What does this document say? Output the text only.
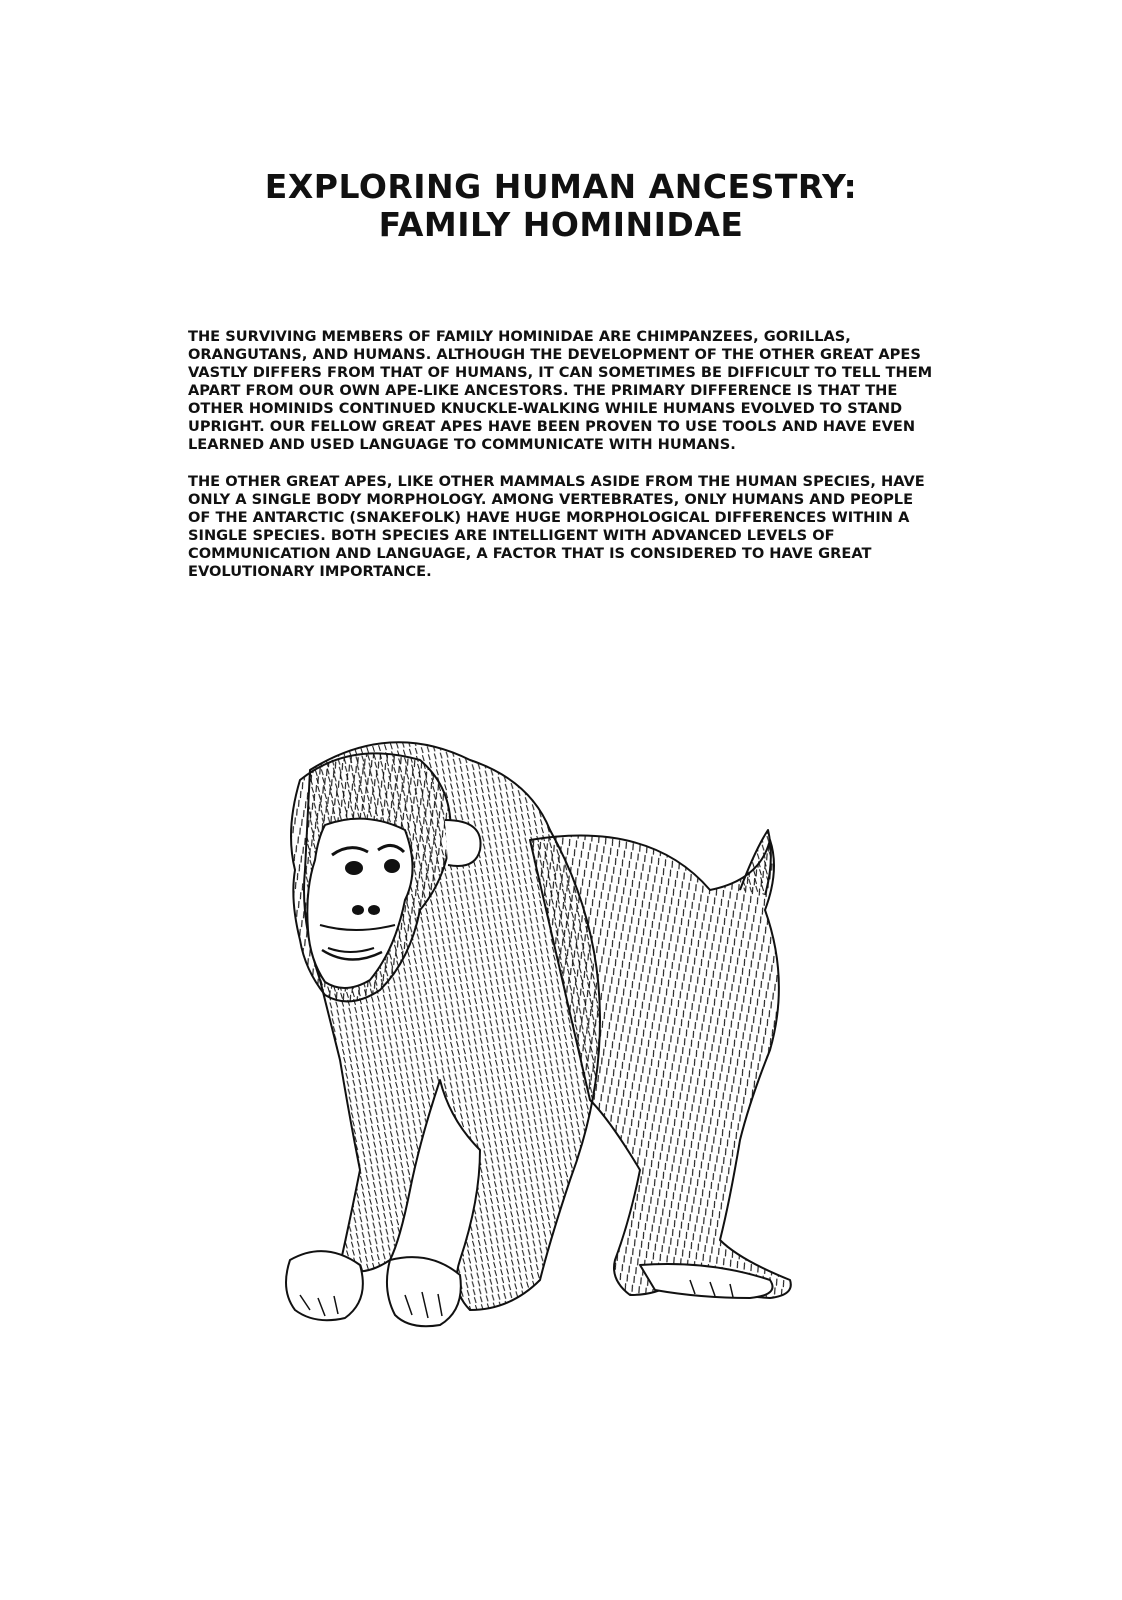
EXPLORING HUMAN ANCESTRY:
FAMILY HOMINIDAE

THE SURVIVING MEMBERS OF FAMILY HOMINIDAE ARE CHIMPANZEES, GORILLAS, ORANGUTANS, AND HUMANS. ALTHOUGH THE DEVELOPMENT OF THE OTHER GREAT APES VASTLY DIFFERS FROM THAT OF HUMANS, IT CAN SOMETIMES BE DIFFICULT TO TELL THEM APART FROM OUR OWN APE-LIKE ANCESTORS. THE PRIMARY DIFFERENCE IS THAT THE OTHER HOMINIDS CONTINUED KNUCKLE-WALKING WHILE HUMANS EVOLVED TO STAND UPRIGHT. OUR FELLOW GREAT APES HAVE BEEN PROVEN TO USE TOOLS AND HAVE EVEN LEARNED AND USED LANGUAGE TO COMMUNICATE WITH HUMANS.

THE OTHER GREAT APES, LIKE OTHER MAMMALS ASIDE FROM THE HUMAN SPECIES, HAVE ONLY A SINGLE BODY MORPHOLOGY. AMONG VERTEBRATES, ONLY HUMANS AND PEOPLE OF THE ANTARCTIC (SNAKEFOLK) HAVE HUGE MORPHOLOGICAL DIFFERENCES WITHIN A SINGLE SPECIES. BOTH SPECIES ARE INTELLIGENT WITH ADVANCED LEVELS OF COMMUNICATION AND LANGUAGE, A FACTOR THAT IS CONSIDERED TO HAVE GREAT EVOLUTIONARY IMPORTANCE.
